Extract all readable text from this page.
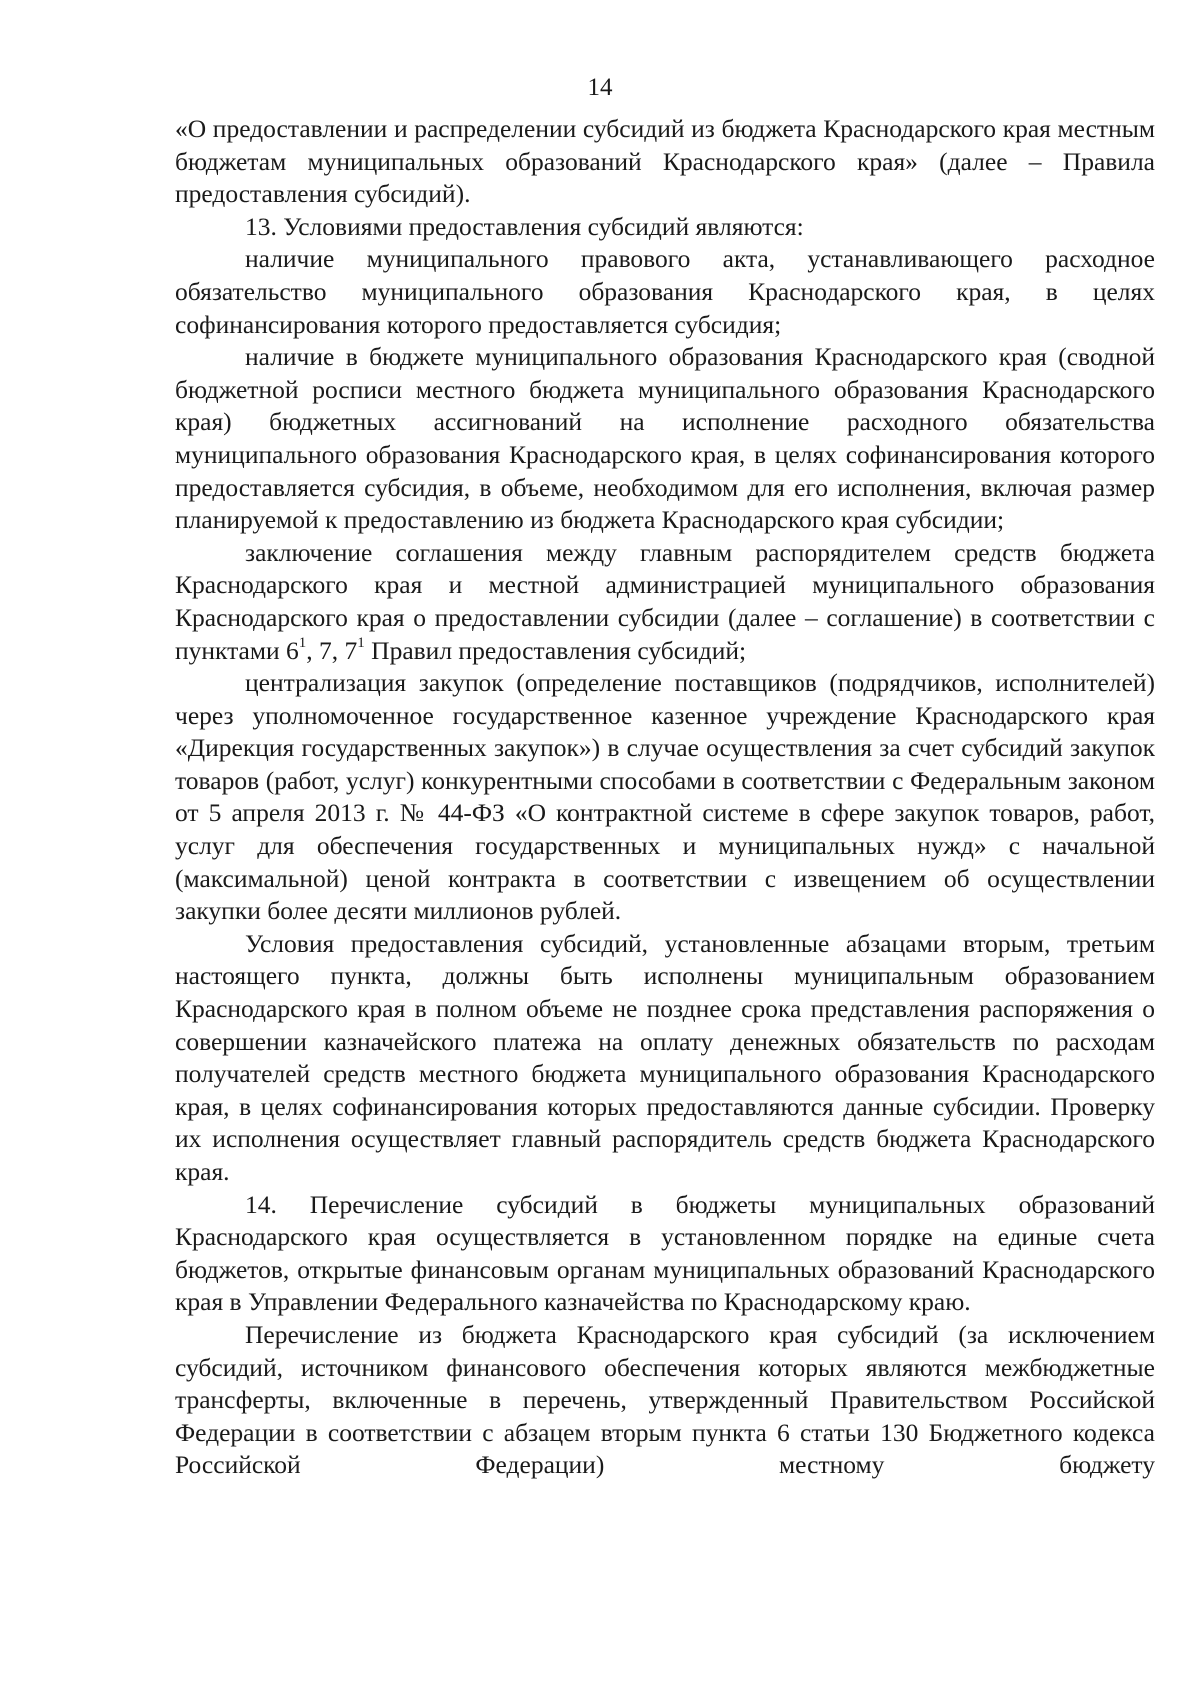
14

«О предоставлении и распределении субсидий из бюджета Краснодарского края местным бюджетам муниципальных образований Краснодарского края» (далее – Правила предоставления субсидий).

13. Условиями предоставления субсидий являются:

наличие муниципального правового акта, устанавливающего расходное обязательство муниципального образования Краснодарского края, в целях софинансирования которого предоставляется субсидия;

наличие в бюджете муниципального образования Краснодарского края (сводной бюджетной росписи местного бюджета муниципального образования Краснодарского края) бюджетных ассигнований на исполнение расходного обязательства муниципального образования Краснодарского края, в целях софинансирования которого предоставляется субсидия, в объеме, необходимом для его исполнения, включая размер планируемой к предоставлению из бюджета Краснодарского края субсидии;

заключение соглашения между главным распорядителем средств бюджета Краснодарского края и местной администрацией муниципального образования Краснодарского края о предоставлении субсидии (далее – соглашение) в соответствии с пунктами $6^1$, 7, $7^1$ Правил предоставления субсидий;

централизация закупок (определение поставщиков (подрядчиков, исполнителей) через уполномоченное государственное казенное учреждение Краснодарского края «Дирекция государственных закупок») в случае осуществления за счет субсидий закупок товаров (работ, услуг) конкурентными способами в соответствии с Федеральным законом от 5 апреля 2013 г. № 44-ФЗ «О контрактной системе в сфере закупок товаров, работ, услуг для обеспечения государственных и муниципальных нужд» с начальной (максимальной) ценой контракта в соответствии с извещением об осуществлении закупки более десяти миллионов рублей.

Условия предоставления субсидий, установленные абзацами вторым, третьим настоящего пункта, должны быть исполнены муниципальным образованием Краснодарского края в полном объеме не позднее срока представления распоряжения о совершении казначейского платежа на оплату денежных обязательств по расходам получателей средств местного бюджета муниципального образования Краснодарского края, в целях софинансирования которых предоставляются данные субсидии. Проверку их исполнения осуществляет главный распорядитель средств бюджета Краснодарского края.

14. Перечисление субсидий в бюджеты муниципальных образований Краснодарского края осуществляется в установленном порядке на единые счета бюджетов, открытые финансовым органам муниципальных образований Краснодарского края в Управлении Федерального казначейства по Краснодарскому краю.

Перечисление из бюджета Краснодарского края субсидий (за исключением субсидий, источником финансового обеспечения которых являются межбюджетные трансферты, включенные в перечень, утвержденный Правительством Российской Федерации в соответствии с абзацем вторым пункта 6 статьи 130 Бюджетного кодекса Российской Федерации) местному бюджету
